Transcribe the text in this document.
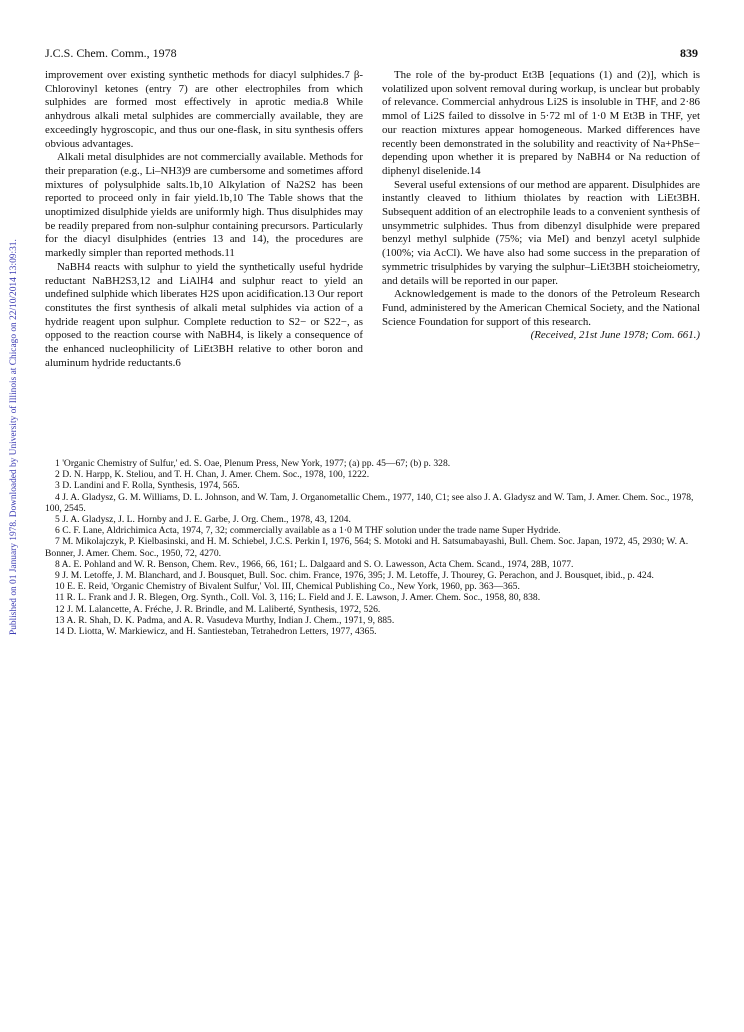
Published on 01 January 1978. Downloaded by University of Illinois at Chicago on 22/10/2014 13:09:31.
J.C.S. Chem. Comm., 1978	839

improvement over existing synthetic methods for diacyl sulphides.7 β-Chlorovinyl ketones (entry 7) are other electrophiles from which sulphides are formed most effectively in aprotic media.8 While anhydrous alkali metal sulphides are commercially available, they are exceedingly hygroscopic, and thus our one-flask, in situ synthesis offers obvious advantages.

Alkali metal disulphides are not commercially available. Methods for their preparation (e.g., Li–NH3)9 are cumbersome and sometimes afford mixtures of polysulphide salts.1b,10 Alkylation of Na2S2 has been reported to proceed only in fair yield.1b,10 The Table shows that the unoptimized disulphide yields are uniformly high. Thus disulphides may be readily prepared from non-sulphur containing precursors. Particularly for the diacyl disulphides (entries 13 and 14), the procedures are markedly simpler than reported methods.11

NaBH4 reacts with sulphur to yield the synthetically useful hydride reductant NaBH2S3,12 and LiAlH4 and sulphur react to yield an undefined sulphide which liberates H2S upon acidification.13 Our report constitutes the first synthesis of alkali metal sulphides via action of a hydride reagent upon sulphur. Complete reduction to S2− or S22−, as opposed to the reaction course with NaBH4, is likely a consequence of the enhanced nucleophilicity of LiEt3BH relative to other boron and aluminum hydride reductants.6

The role of the by-product Et3B [equations (1) and (2)], which is volatilized upon solvent removal during workup, is unclear but probably of relevance. Commercial anhydrous Li2S is insoluble in THF, and 2·86 mmol of Li2S failed to dissolve in 5·72 ml of 1·0 M Et3B in THF, yet our reaction mixtures appear homogeneous. Marked differences have recently been demonstrated in the solubility and reactivity of Na+PhSe− depending upon whether it is prepared by NaBH4 or Na reduction of diphenyl diselenide.14

Several useful extensions of our method are apparent. Disulphides are instantly cleaved to lithium thiolates by reaction with LiEt3BH. Subsequent addition of an electrophile leads to a convenient synthesis of unsymmetric sulphides. Thus from dibenzyl disulphide were prepared benzyl methyl sulphide (75%; via MeI) and benzyl acetyl sulphide (100%; via AcCl). We have also had some success in the preparation of symmetric trisulphides by varying the sulphur–LiEt3BH stoicheiometry, and details will be reported in our paper.

Acknowledgement is made to the donors of the Petroleum Research Fund, administered by the American Chemical Society, and the National Science Foundation for support of this research.

(Received, 21st June 1978; Com. 661.)

1 'Organic Chemistry of Sulfur,' ed. S. Oae, Plenum Press, New York, 1977; (a) pp. 45—67; (b) p. 328.

2 D. N. Harpp, K. Steliou, and T. H. Chan, J. Amer. Chem. Soc., 1978, 100, 1222.

3 D. Landini and F. Rolla, Synthesis, 1974, 565.

4 J. A. Gladysz, G. M. Williams, D. L. Johnson, and W. Tam, J. Organometallic Chem., 1977, 140, C1; see also J. A. Gladysz and W. Tam, J. Amer. Chem. Soc., 1978, 100, 2545.

5 J. A. Gladysz, J. L. Hornby and J. E. Garbe, J. Org. Chem., 1978, 43, 1204.

6 C. F. Lane, Aldrichimica Acta, 1974, 7, 32; commercially available as a 1·0 M THF solution under the trade name Super Hydride.

7 M. Mikolajczyk, P. Kielbasinski, and H. M. Schiebel, J.C.S. Perkin I, 1976, 564; S. Motoki and H. Satsumabayashi, Bull. Chem. Soc. Japan, 1972, 45, 2930; W. A. Bonner, J. Amer. Chem. Soc., 1950, 72, 4270.

8 A. E. Pohland and W. R. Benson, Chem. Rev., 1966, 66, 161; L. Dalgaard and S. O. Lawesson, Acta Chem. Scand., 1974, 28B, 1077.

9 J. M. Letoffe, J. M. Blanchard, and J. Bousquet, Bull. Soc. chim. France, 1976, 395; J. M. Letoffe, J. Thourey, G. Perachon, and J. Bousquet, ibid., p. 424.

10 E. E. Reid, 'Organic Chemistry of Bivalent Sulfur,' Vol. III, Chemical Publishing Co., New York, 1960, pp. 363—365.

11 R. L. Frank and J. R. Blegen, Org. Synth., Coll. Vol. 3, 116; L. Field and J. E. Lawson, J. Amer. Chem. Soc., 1958, 80, 838.

12 J. M. Lalancette, A. Fréche, J. R. Brindle, and M. Laliberté, Synthesis, 1972, 526.

13 A. R. Shah, D. K. Padma, and A. R. Vasudeva Murthy, Indian J. Chem., 1971, 9, 885.

14 D. Liotta, W. Markiewicz, and H. Santiesteban, Tetrahedron Letters, 1977, 4365.
